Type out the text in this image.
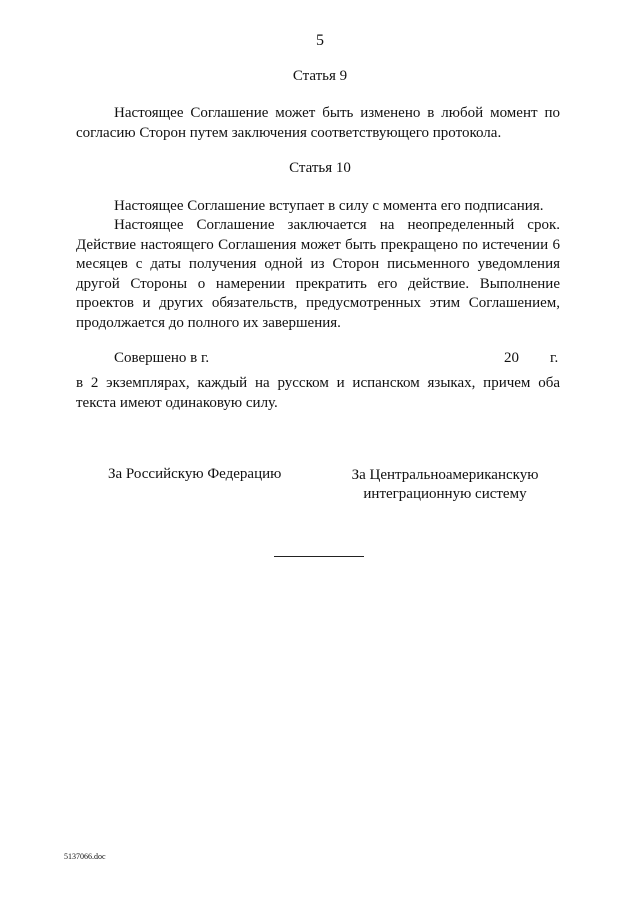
5
Статья 9
Настоящее Соглашение может быть изменено в любой момент по согласию Сторон путем заключения соответствующего протокола.
Статья 10
Настоящее Соглашение вступает в силу с момента его подписания.
Настоящее Соглашение заключается на неопределенный срок. Действие настоящего Соглашения может быть прекращено по истечении 6 месяцев с даты получения одной из Сторон письменного уведомления другой Стороны о намерении прекратить его действие. Выполнение проектов и других обязательств, предусмотренных этим Соглашением, продолжается до полного их завершения.
Совершено в г.	20 г.
в 2 экземплярах, каждый на русском и испанском языках, причем оба текста имеют одинаковую силу.
За Российскую Федерацию	За Центральноамериканскую
интеграционную систему
5137066.doc
